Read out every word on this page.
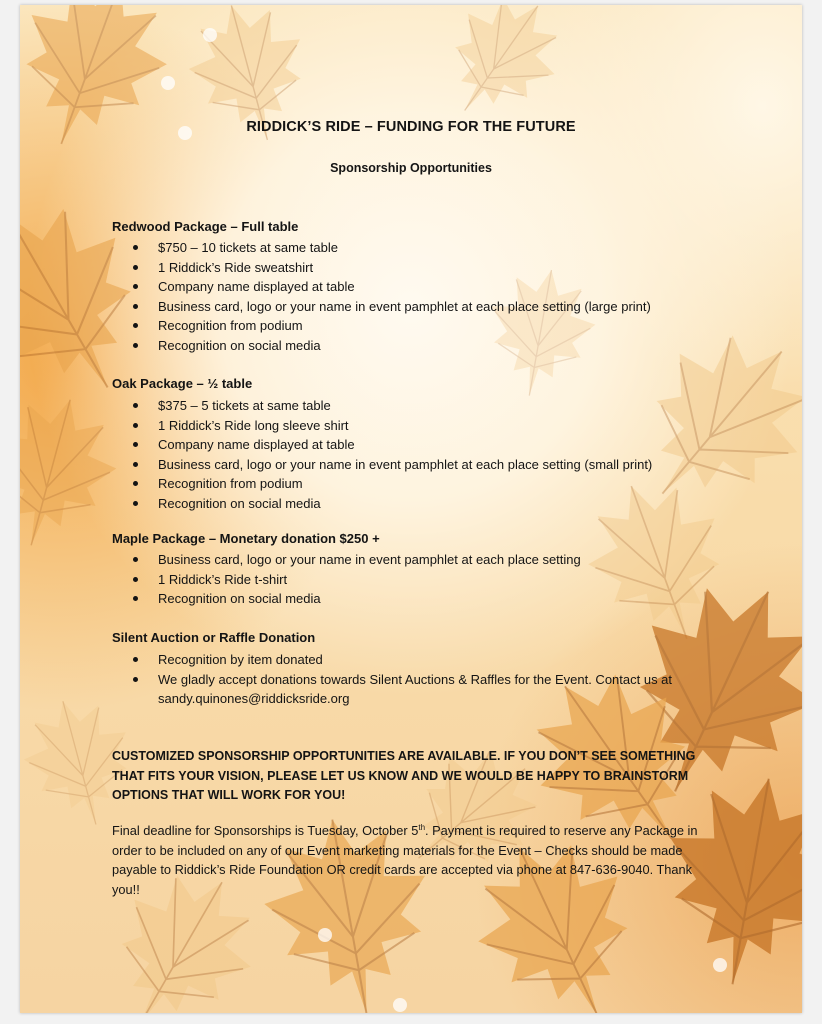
RIDDICK’S RIDE – FUNDING FOR THE FUTURE
Sponsorship Opportunities
Redwood Package – Full table
$750 – 10 tickets at same table
1 Riddick’s Ride sweatshirt
Company name displayed at table
Business card, logo or your name in event pamphlet at each place setting (large print)
Recognition from podium
Recognition on social media
Oak Package – ½ table
$375 – 5 tickets at same table
1 Riddick’s Ride long sleeve shirt
Company name displayed at table
Business card, logo or your name in event pamphlet at each place setting (small print)
Recognition from podium
Recognition on social media
Maple Package – Monetary donation $250 +
Business card, logo or your name in event pamphlet at each place setting
1 Riddick’s Ride t-shirt
Recognition on social media
Silent Auction or Raffle Donation
Recognition by item donated
We gladly accept donations towards Silent Auctions & Raffles for the Event. Contact us at sandy.quinones@riddicksride.org
CUSTOMIZED SPONSORSHIP OPPORTUNITIES ARE AVAILABLE. IF YOU DON’T SEE SOMETHING THAT FITS YOUR VISION, PLEASE LET US KNOW AND WE WOULD BE HAPPY TO BRAINSTORM OPTIONS THAT WILL WORK FOR YOU!
Final deadline for Sponsorships is Tuesday, October 5th. Payment is required to reserve any Package in order to be included on any of our Event marketing materials for the Event – Checks should be made payable to Riddick’s Ride Foundation OR credit cards are accepted via phone at 847-636-9040. Thank you!!
